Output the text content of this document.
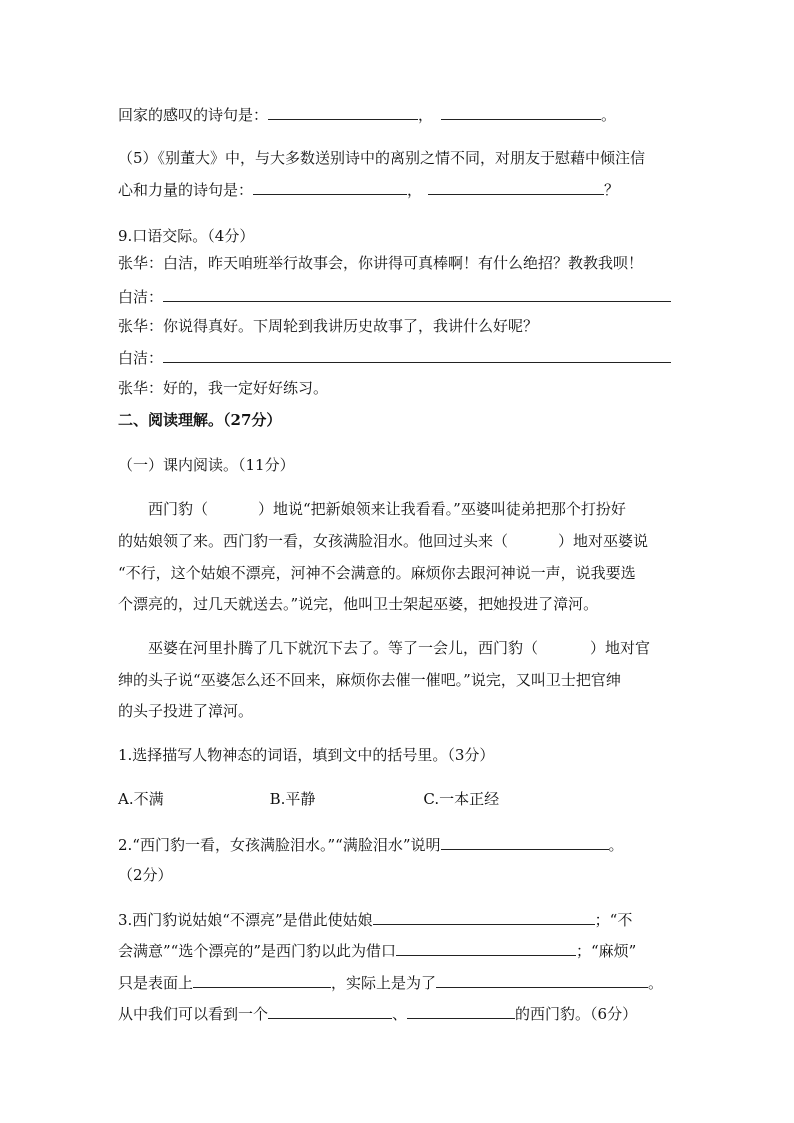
回家的感叹的诗句是：	，	。
（5）《别董大》中，与大多数送别诗中的离别之情不同，对朋友于慰藉中倾注信
心和力量的诗句是：	，	？
9.口语交际。（4分）
张华：白洁，昨天咱班举行故事会，你讲得可真棒啊！有什么绝招？教教我呗！
白洁：
张华：你说得真好。下周轮到我讲历史故事了，我讲什么好呢？
白洁：
张华：好的，我一定好好练习。
二、阅读理解。（27分）
（一）课内阅读。（11分）
西门豹（	）地说“把新娘领来让我看看。”巫婆叫徒弟把那个打扮好
的姑娘领了来。西门豹一看，女孩满脸泪水。他回过头来（	）地对巫婆说
“不行，这个姑娘不漂亮，河神不会满意的。麻烦你去跟河神说一声，说我要选
个漂亮的，过几天就送去。”说完，他叫卫士架起巫婆，把她投进了漳河。
巫婆在河里扑腾了几下就沉下去了。等了一会儿，西门豹（	）地对官
绅的头子说“巫婆怎么还不回来，麻烦你去催一催吧。”说完，又叫卫士把官绅
的头子投进了漳河。
1.选择描写人物神态的词语，填到文中的括号里。（3分）
A.不满	B.平静	C.一本正经
2.“西门豹一看，女孩满脸泪水。”“满脸泪水”说明	。
（2分）
3.西门豹说姑娘“不漂亮”是借此使姑娘	；“不
会满意”“选个漂亮的”是西门豹以此为借口	；“麻烦”
只是表面上	，实际上是为了	。
从中我们可以看到一个	、	的西门豹。（6分）
